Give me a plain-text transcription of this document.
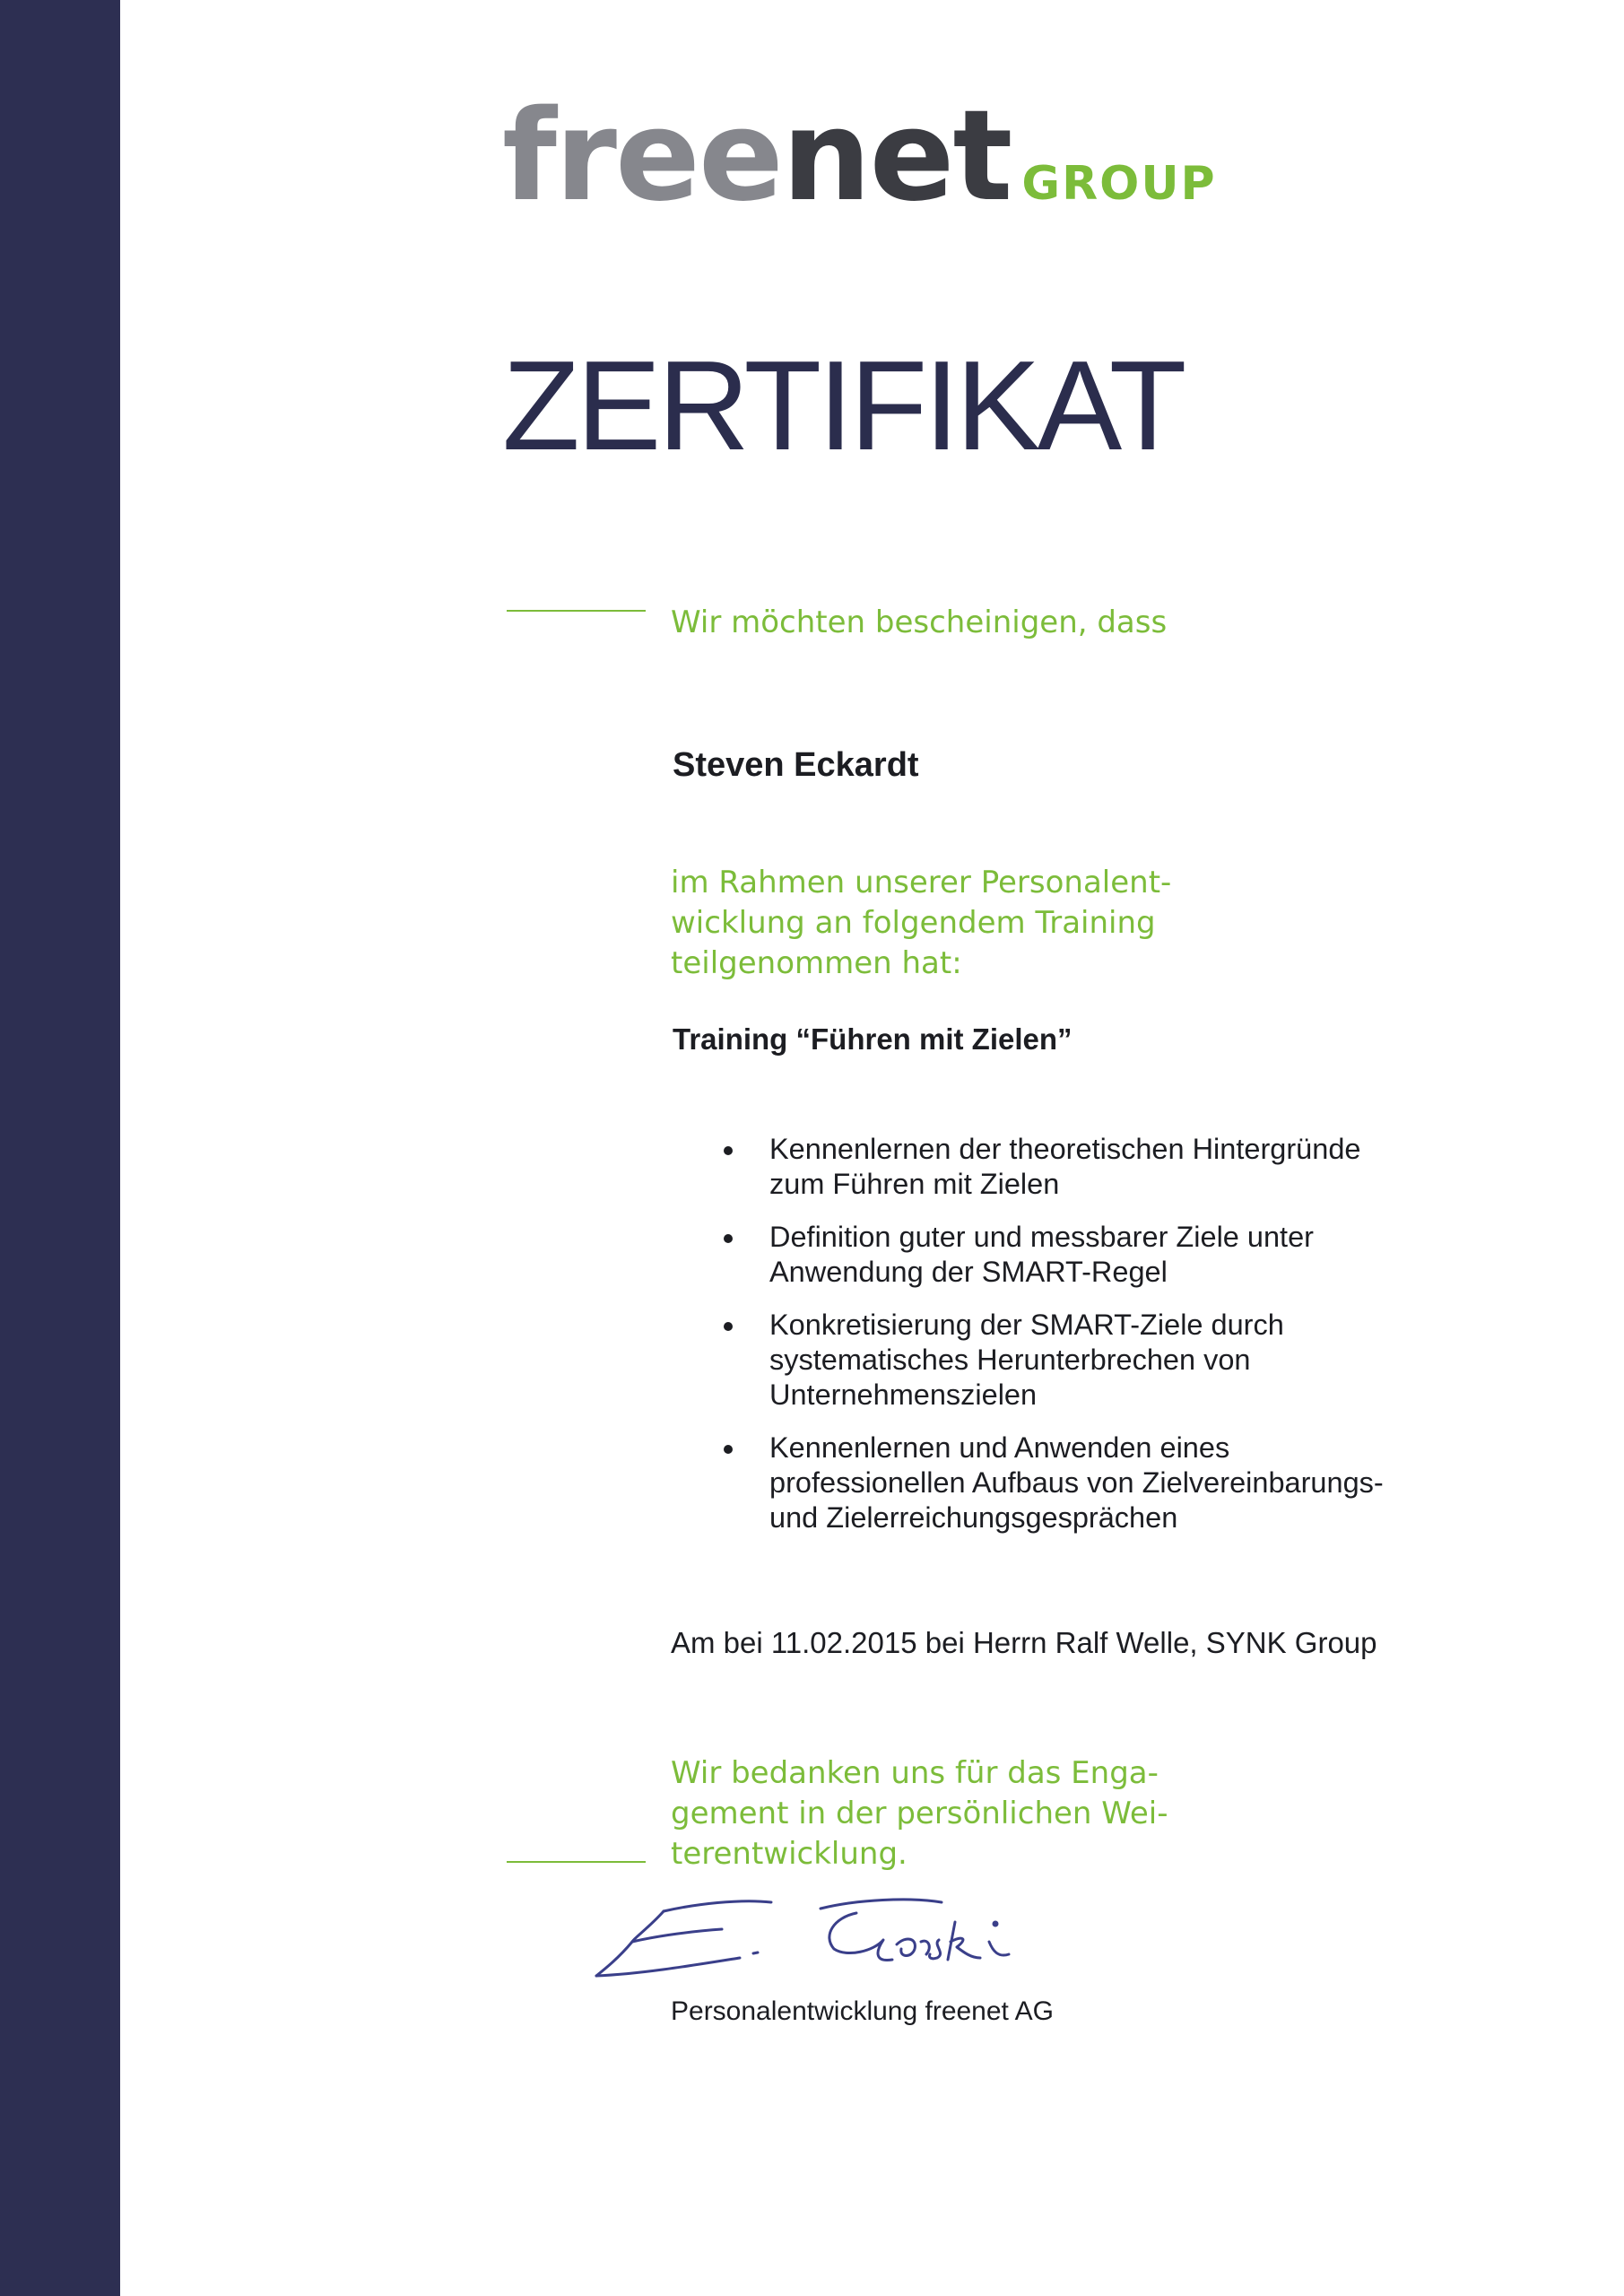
freenet GROUP
ZERTIFIKAT
Wir möchten bescheinigen, dass
Steven Eckardt
im Rahmen unserer Personalent-
wicklung an folgendem Training
teilgenommen hat:
Training “Führen mit Zielen”
Kennenlernen der theoretischen Hintergründe
zum Führen mit Zielen
Definition guter und messbarer Ziele unter
Anwendung der SMART-Regel
Konkretisierung der SMART-Ziele durch
systematisches Herunterbrechen von
Unternehmenszielen
Kennenlernen und Anwenden eines
professionellen Aufbaus von Zielvereinbarungs-
und Zielerreichungsgesprächen
Am bei 11.02.2015 bei Herrn Ralf Welle, SYNK Group
Wir bedanken uns für das Enga-
gement in der persönlichen Wei-
terentwicklung.
Personalentwicklung freenet AG
